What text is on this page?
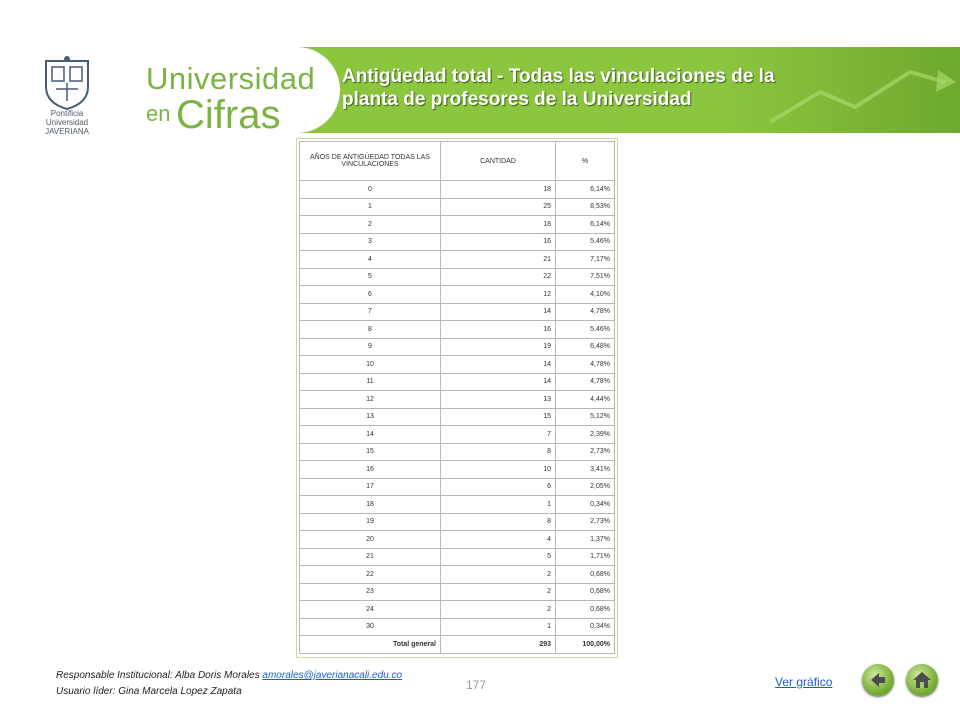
Pontificia Universidad JAVERIANA
Universidad
en Cifras
Antigüedad total - Todas las vinculaciones de la planta de profesores de la Universidad
AÑOS DE ANTIGÜEDAD TODAS LAS VINCULACIONES	CANTIDAD	%
0	18	6,14%
1	25	8,53%
2	18	6,14%
3	16	5,46%
4	21	7,17%
5	22	7,51%
6	12	4,10%
7	14	4,78%
8	16	5,46%
9	19	6,48%
10	14	4,78%
11	14	4,78%
12	13	4,44%
13	15	5,12%
14	7	2,39%
15	8	2,73%
16	10	3,41%
17	6	2,05%
18	1	0,34%
19	8	2,73%
20	4	1,37%
21	5	1,71%
22	2	0,68%
23	2	0,68%
24	2	0,68%
30	1	0,34%
Total general	293	100,00%
Responsable Institucional: Alba Doris Morales amorales@javerianacali.edu.co
Usuario líder: Gina Marcela Lopez Zapata	177	Ver gráfico
